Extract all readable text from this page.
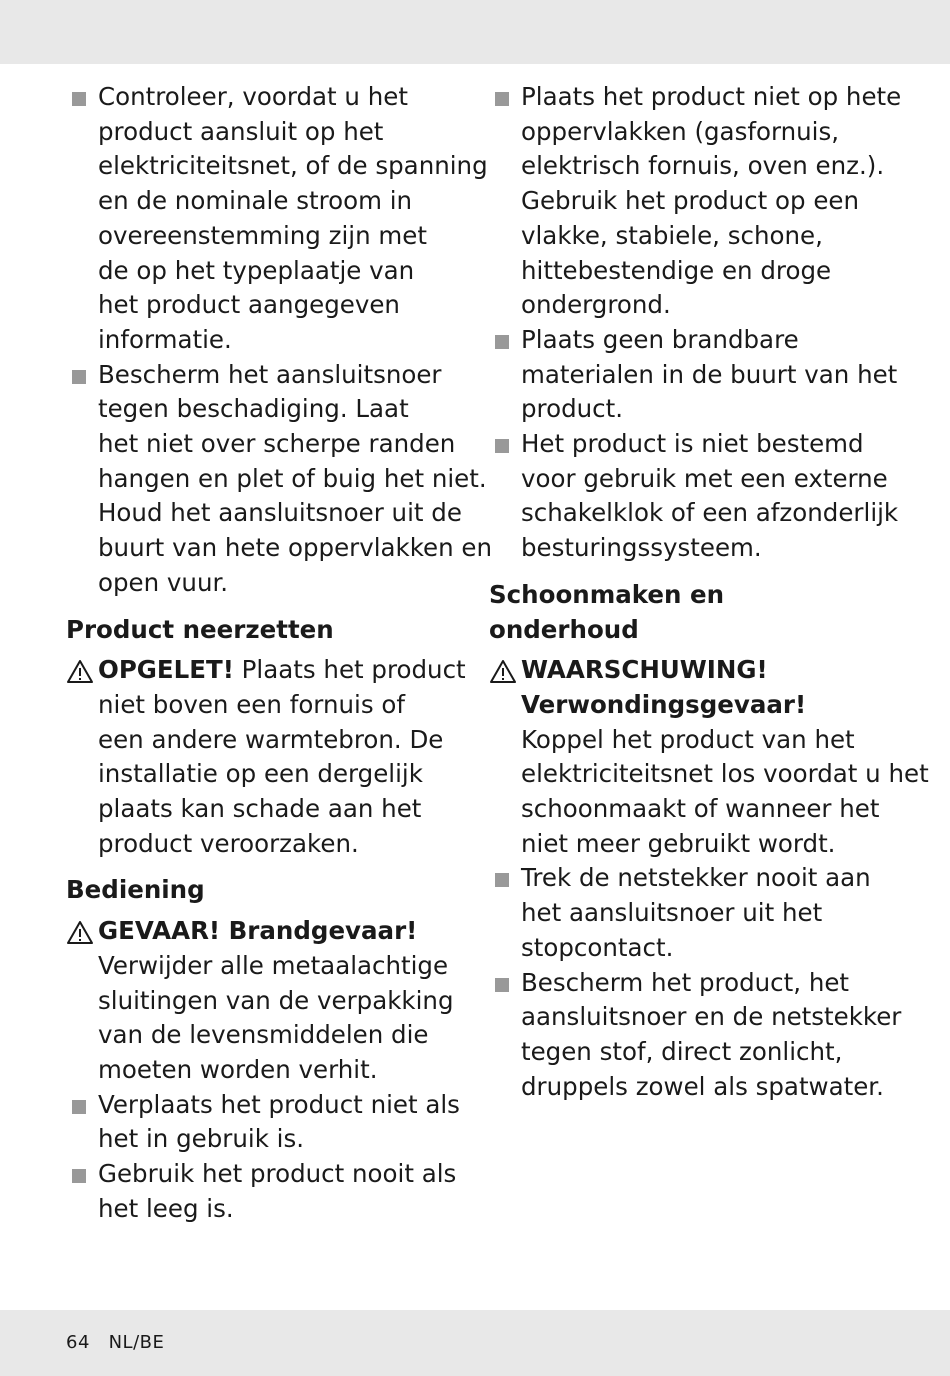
Controleer, voordat u het
product aansluit op het
elektriciteitsnet, of de spanning
en de nominale stroom in
overeenstemming zijn met
de op het typeplaatje van
het product aangegeven
informatie.
Bescherm het aansluitsnoer
tegen beschadiging. Laat
het niet over scherpe randen
hangen en plet of buig het niet.
Houd het aansluitsnoer uit de
buurt van hete oppervlakken en
open vuur.
Product neerzetten
OPGELET! Plaats het product
niet boven een fornuis of
een andere warmtebron. De
installatie op een dergelijk
plaats kan schade aan het
product veroorzaken.
Bediening
GEVAAR! Brandgevaar!
Verwijder alle metaalachtige
sluitingen van de verpakking
van de levensmiddelen die
moeten worden verhit.
Verplaats het product niet als
het in gebruik is.
Gebruik het product nooit als
het leeg is.
Plaats het product niet op hete
oppervlakken (gasfornuis,
elektrisch fornuis, oven enz.).
Gebruik het product op een
vlakke, stabiele, schone,
hittebestendige en droge
ondergrond.
Plaats geen brandbare
materialen in de buurt van het
product.
Het product is niet bestemd
voor gebruik met een externe
schakelklok of een afzonderlijk
besturingssysteem.
Schoonmaken en
onderhoud
WAARSCHUWING!
Verwondingsgevaar!
Koppel het product van het
elektriciteitsnet los voordat u het
schoonmaakt of wanneer het
niet meer gebruikt wordt.
Trek de netstekker nooit aan
het aansluitsnoer uit het
stopcontact.
Bescherm het product, het
aansluitsnoer en de netstekker
tegen stof, direct zonlicht,
druppels zowel als spatwater.
64 NL/BE
